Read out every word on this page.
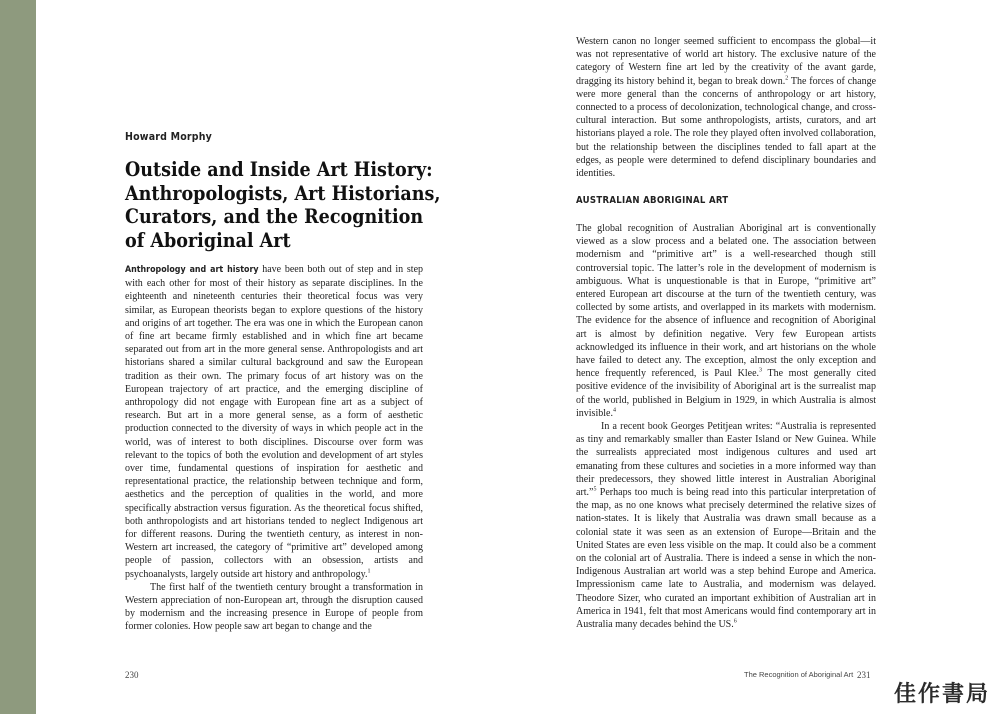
Howard Morphy
Outside and Inside Art History: Anthropologists, Art Historians, Curators, and the Recognition of Aboriginal Art

Anthropology and art history have been both out of step and in step with each other for most of their history as separate disciplines. In the eighteenth and nineteenth centuries their theoretical focus was very similar, as European theorists began to explore questions of the history and origins of art together. The era was one in which the European canon of fine art became firmly established and in which fine art became separated out from art in the more general sense. Anthropologists and art historians shared a similar cultural background and saw the European tradition as their own. The primary focus of art history was on the European trajectory of art practice, and the emerging discipline of anthropology did not engage with European fine art as a subject of research. But art in a more general sense, as a form of aesthetic production connected to the diversity of ways in which people act in the world, was of interest to both disciplines. Discourse over form was relevant to the topics of both the evolution and development of art styles over time, fundamental questions of inspiration for aesthetic and representational practice, the relationship between technique and form, aesthetics and the perception of qualities in the world, and more specifically abstraction versus figuration. As the theoretical focus shifted, both anthropologists and art historians tended to neglect Indigenous art for different reasons. During the twentieth century, as interest in non-Western art increased, the category of “primitive art” developed among people of passion, collectors with an obsession, artists and psychoanalysts, largely outside art history and anthropology.$^1$

The first half of the twentieth century brought a transformation in Western appreciation of non-European art, through the disruption caused by modernism and the increasing presence in Europe of people from former colonies. How people saw art began to change and the

230

Western canon no longer seemed sufficient to encompass the global—it was not representative of world art history. The exclusive nature of the category of Western fine art led by the creativity of the avant garde, dragging its history behind it, began to break down.$^2$ The forces of change were more general than the concerns of anthropology or art history, connected to a process of decolonization, technological change, and cross-cultural interaction. But some anthropologists, artists, curators, and art historians played a role. The role they played often involved collaboration, but the relationship between the disciplines tended to fall apart at the edges, as people were determined to defend disciplinary boundaries and identities.

AUSTRALIAN ABORIGINAL ART

The global recognition of Australian Aboriginal art is conventionally viewed as a slow process and a belated one. The association between modernism and “primitive art” is a well-researched though still controversial topic. The latter’s role in the development of modernism is ambiguous. What is unquestionable is that in Europe, “primitive art” entered European art discourse at the turn of the twentieth century, was collected by some artists, and overlapped in its markets with modernism. The evidence for the absence of influence and recognition of Aboriginal art is almost by definition negative. Very few European artists acknowledged its influence in their work, and art historians on the whole have failed to detect any. The exception, almost the only exception and hence frequently referenced, is Paul Klee.$^3$ The most generally cited positive evidence of the invisibility of Aboriginal art is the surrealist map of the world, published in Belgium in 1929, in which Australia is almost invisible.$^4$

In a recent book Georges Petitjean writes: “Australia is represented as tiny and remarkably smaller than Easter Island or New Guinea. While the surrealists appreciated most indigenous cultures and used art emanating from these cultures and societies in a more informed way than their predecessors, they showed little interest in Australian Aboriginal art.”$^5$ Perhaps too much is being read into this particular interpretation of the map, as no one knows what precisely determined the relative sizes of nation-states. It is likely that Australia was drawn small because as a colonial state it was seen as an extension of Europe—Britain and the United States are even less visible on the map. It could also be a comment on the colonial art of Australia. There is indeed a sense in which the non-Indigenous Australian art world was a step behind Europe and America. Impressionism came late to Australia, and modernism was delayed. Theodore Sizer, who curated an important exhibition of Australian art in America in 1941, felt that most Americans would find contemporary art in Australia many decades behind the US.$^6$

The Recognition of Aboriginal Art 231
佳作書局
